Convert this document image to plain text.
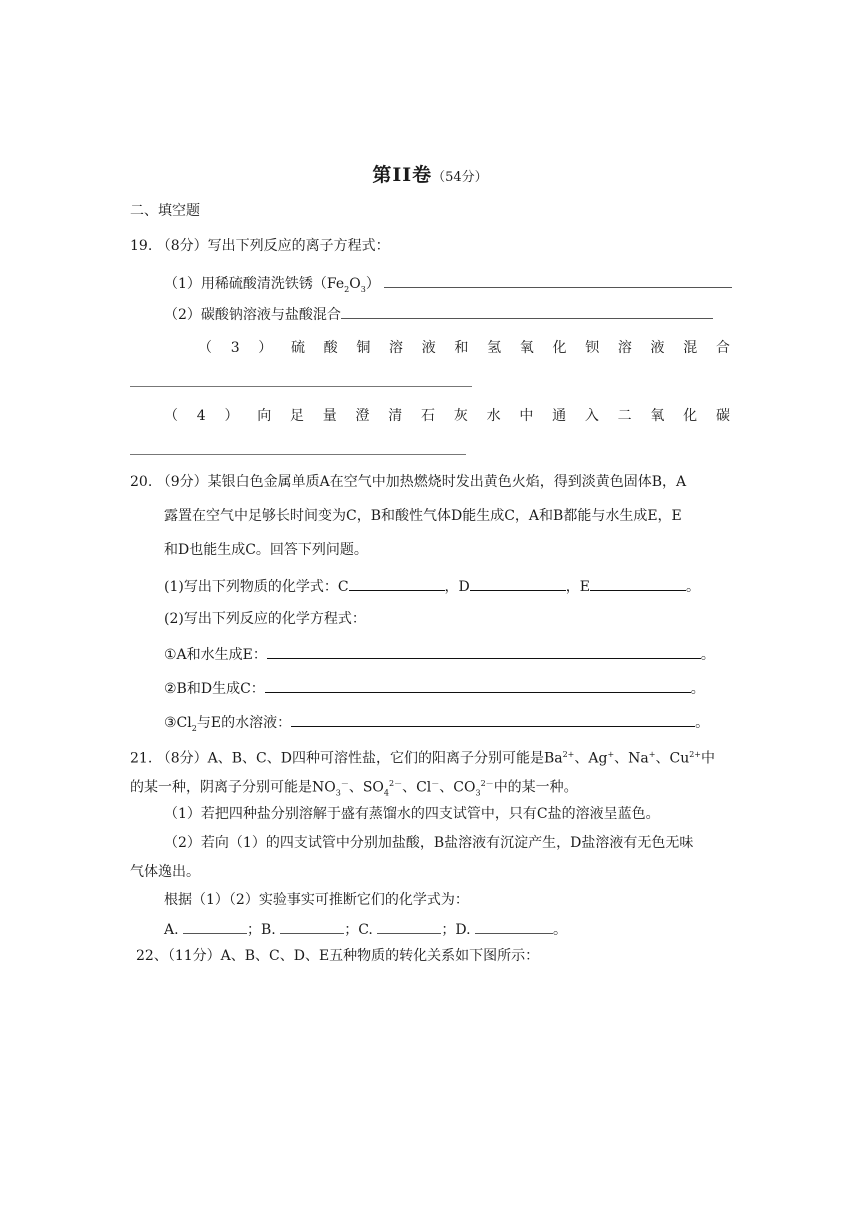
第II卷（54分）
二、填空题
19. （8分）写出下列反应的离子方程式：
（1）用稀硫酸清洗铁锈$(Fe_2O_3)$
（2）碳酸钠溶液与盐酸混合
（ 3 ） 硫 酸 铜 溶 液 和 氢 氧 化 钡 溶 液 混 合
（ 4 ） 向 足 量 澄 清 石 灰 水 中 通 入 二 氧 化 碳
20. （9分）某银白色金属单质A在空气中加热燃烧时发出黄色火焰，得到淡黄色固体B，A
露置在空气中足够长时间变为C，B和酸性气体D能生成C，A和B都能与水生成E，E
和D也能生成C。回答下列问题。
(1)写出下列物质的化学式：C	，D	，E	。
(2)写出下列反应的化学方程式：
①A和水生成E：	。
②B和D生成C：	。
$③Cl_2$与E的水溶液：	。
21. （8分）A、B、C、D四种可溶性盐，它们的阳离子分别可能是$Ba^{2+}$、Ag+、Na+、$Cu^{2+}$中
的某一种，阴离子分别可能是$NO_3^-$、$SO_4^{2-}$、Cl－、$CO_3^{2-}$中的某一种。
（1）若把四种盐分别溶解于盛有蒸馏水的四支试管中，只有C盐的溶液呈蓝色。
（2）若向（1）的四支试管中分别加盐酸，B盐溶液有沉淀产生，D盐溶液有无色无味
气体逸出。
根据（1）（2）实验事实可推断它们的化学式为：
A.	；B.	；C.	；D.	。
22、（11分）A、B、C、D、E五种物质的转化关系如下图所示：
